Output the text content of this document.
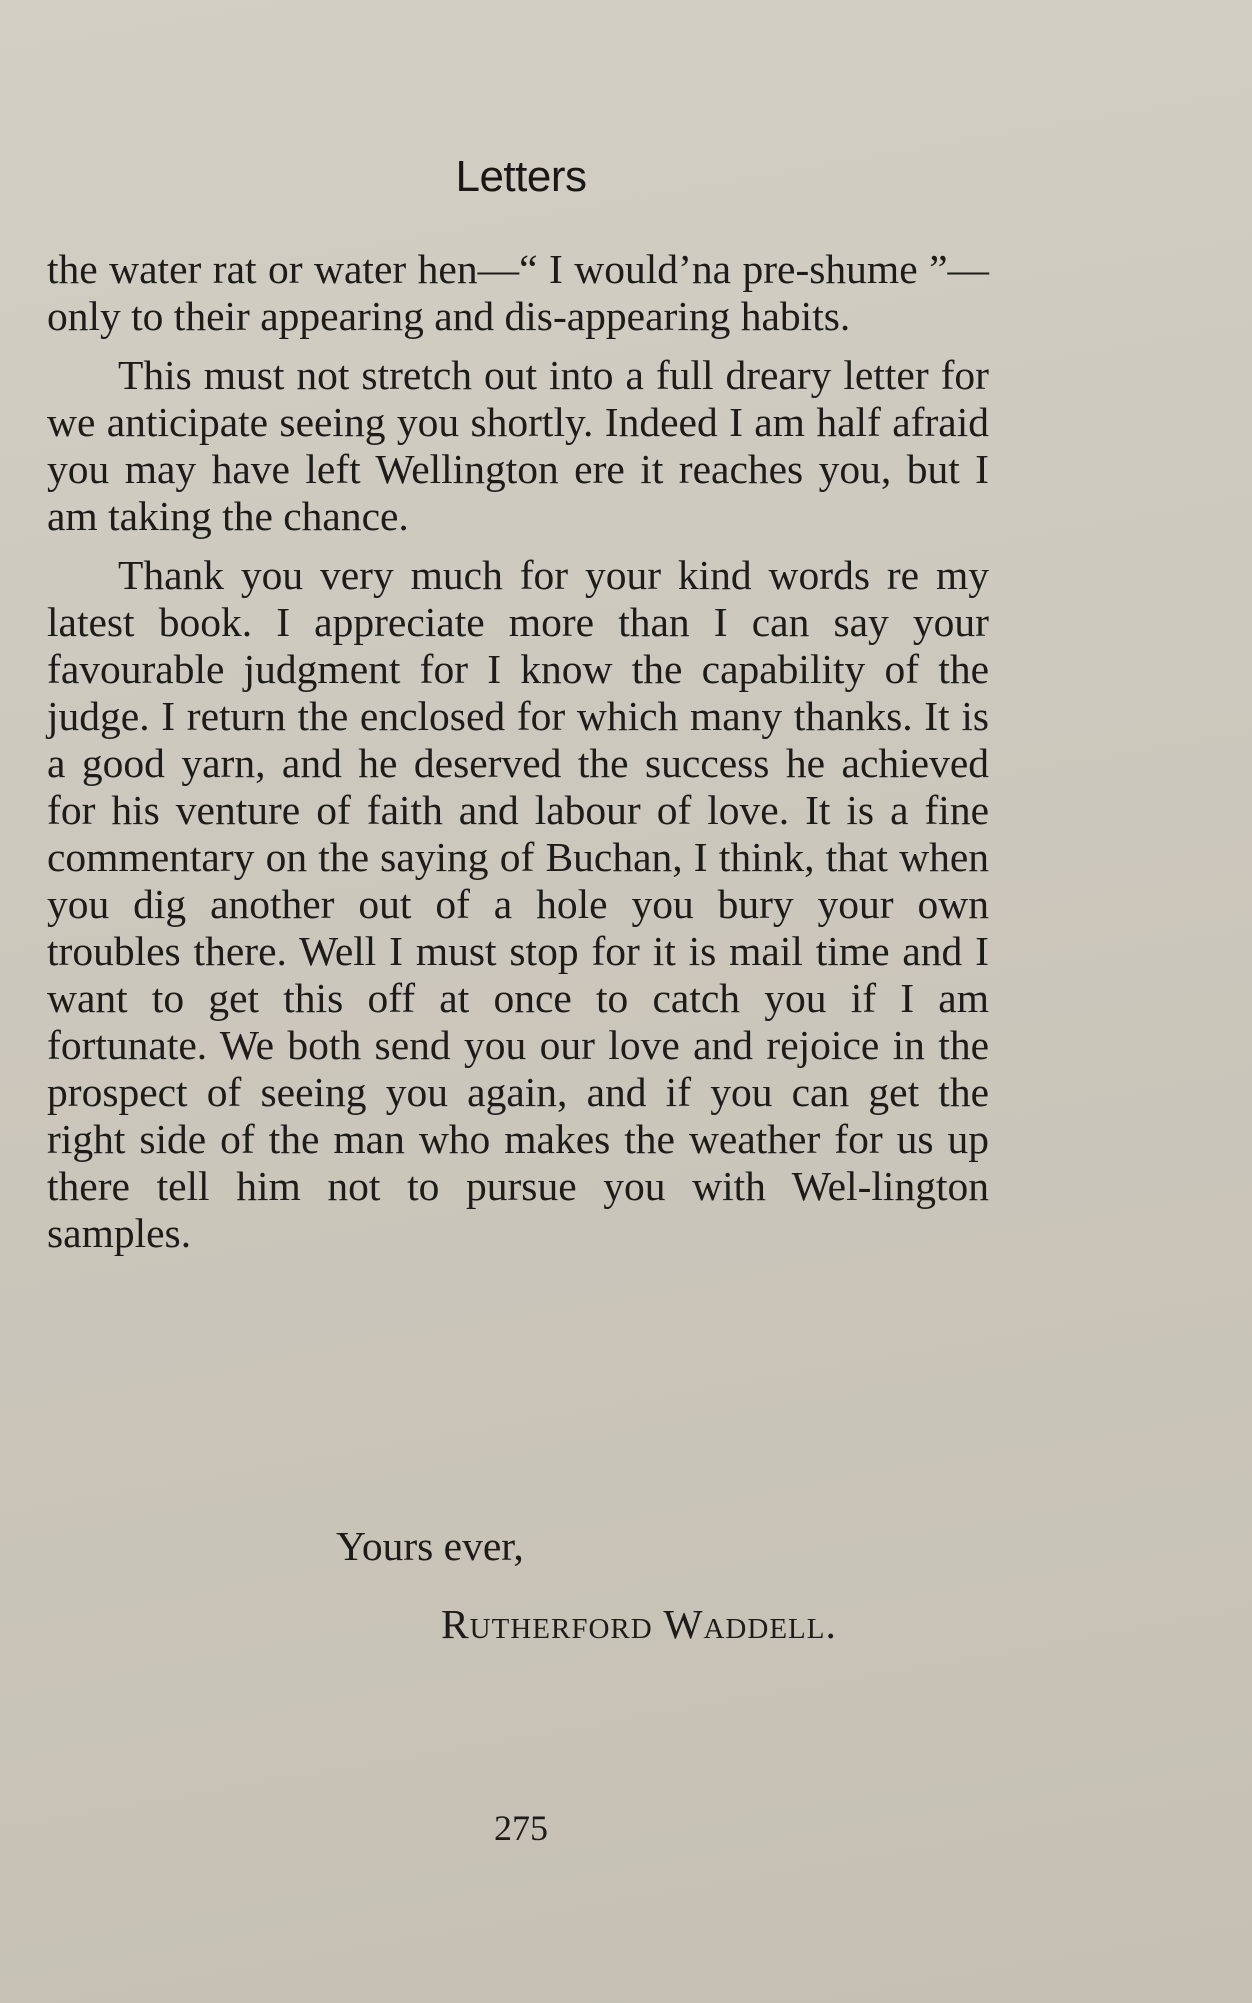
Letters

the water rat or water hen—“ I would’na pre-shume ”—only to their appearing and dis-appearing habits.

This must not stretch out into a full dreary letter for we anticipate seeing you shortly. Indeed I am half afraid you may have left Wellington ere it reaches you, but I am taking the chance.

Thank you very much for your kind words re my latest book. I appreciate more than I can say your favourable judgment for I know the capability of the judge. I return the enclosed for which many thanks. It is a good yarn, and he deserved the success he achieved for his venture of faith and labour of love. It is a fine commentary on the saying of Buchan, I think, that when you dig another out of a hole you bury your own troubles there. Well I must stop for it is mail time and I want to get this off at once to catch you if I am fortunate. We both send you our love and rejoice in the prospect of seeing you again, and if you can get the right side of the man who makes the weather for us up there tell him not to pursue you with Wel-lington samples.

Yours ever,
Rutherford Waddell.
275
